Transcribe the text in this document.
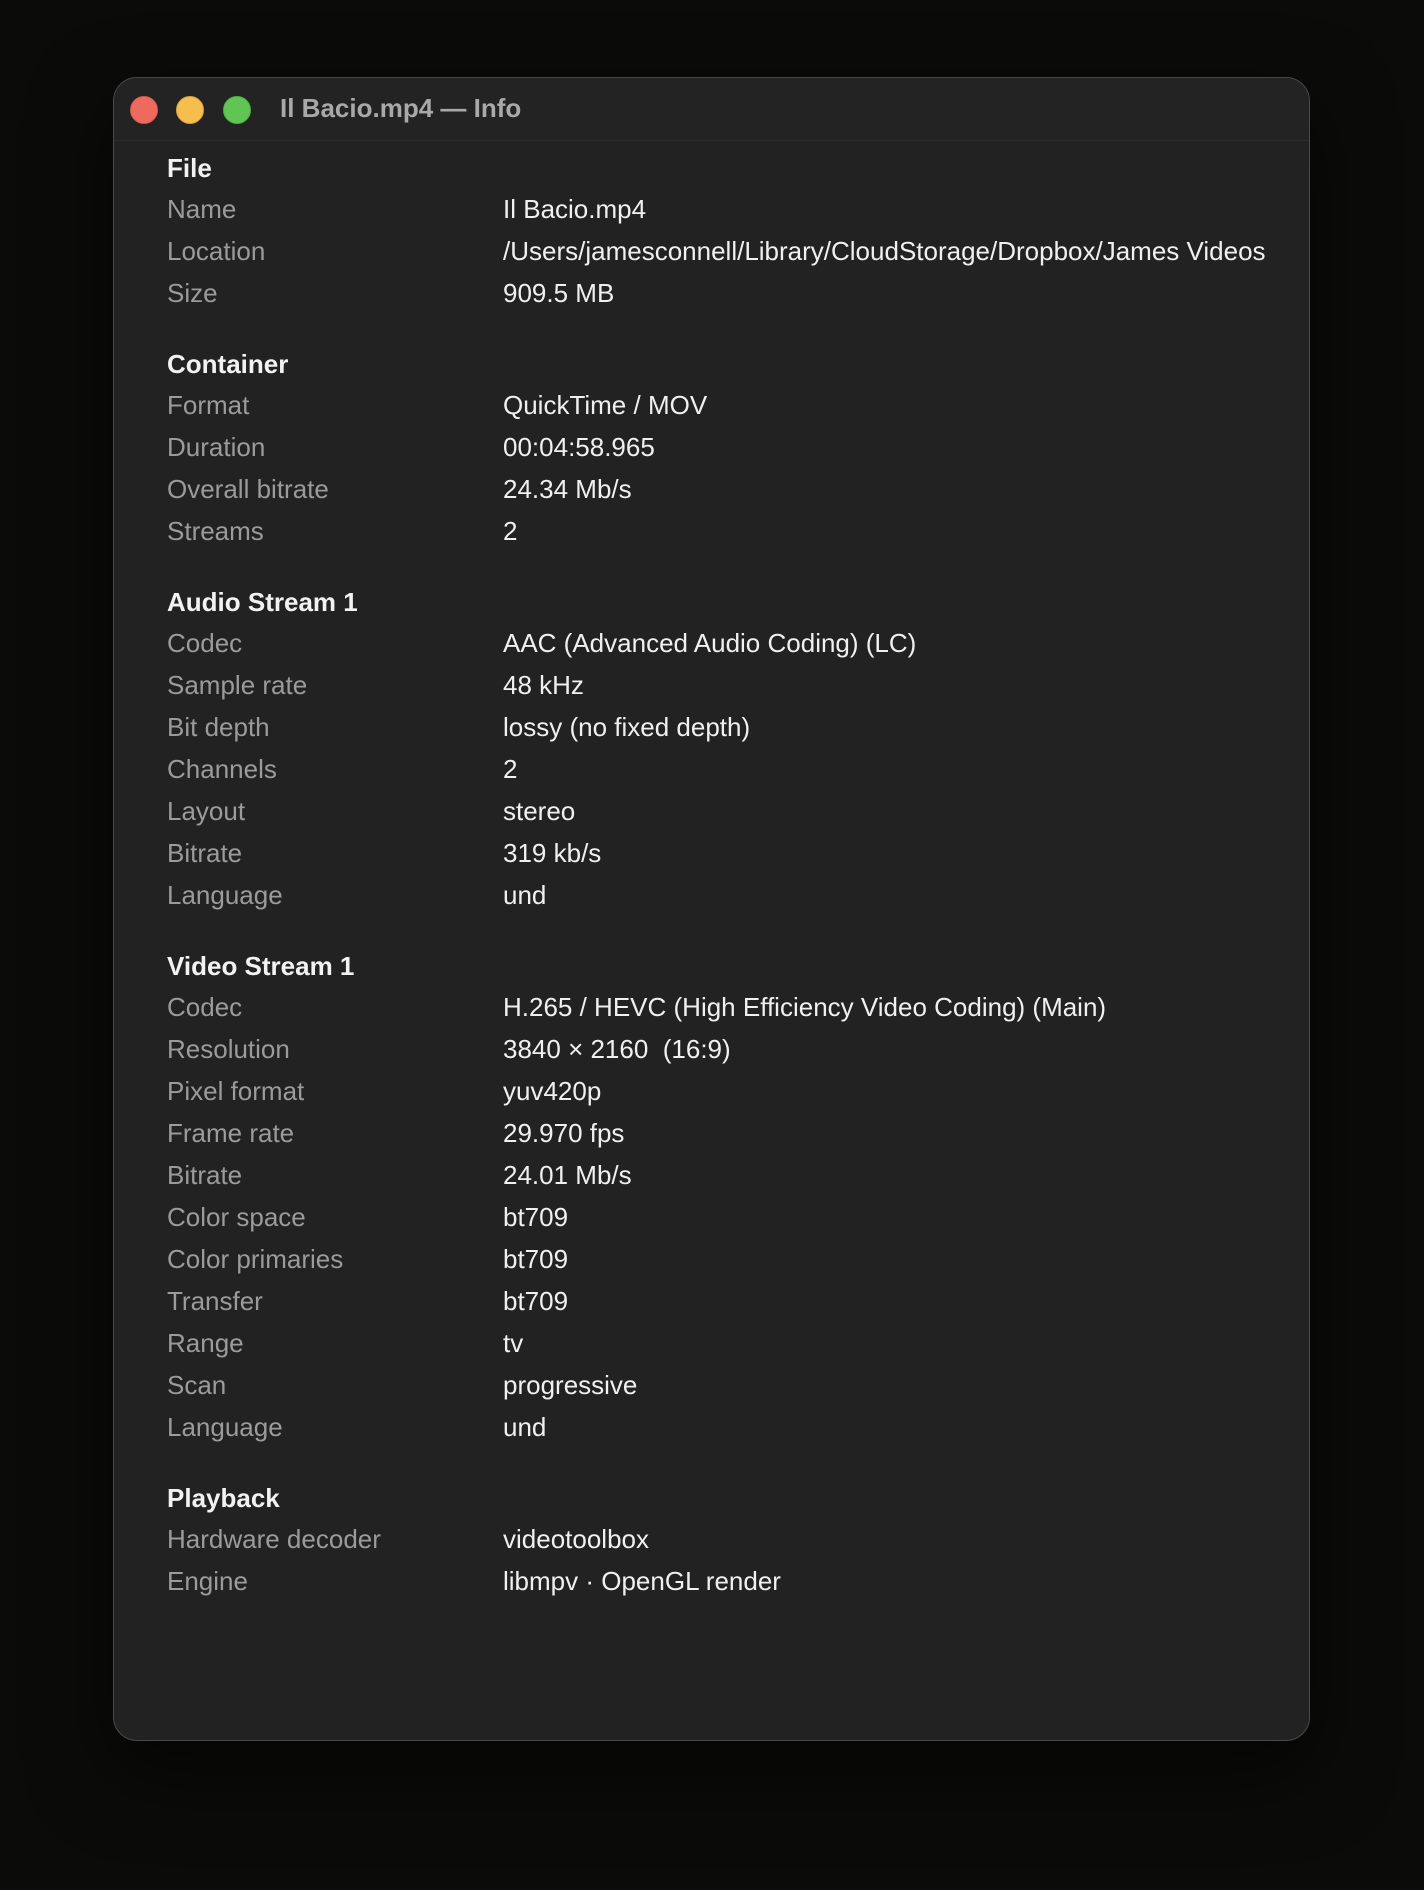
Il Bacio.mp4 — Info
File
Name	Il Bacio.mp4
Location	/Users/jamesconnell/Library/CloudStorage/Dropbox/James Videos
Size	909.5 MB
Container
Format	QuickTime / MOV
Duration	00:04:58.965
Overall bitrate	24.34 Mb/s
Streams	2
Audio Stream 1
Codec	AAC (Advanced Audio Coding) (LC)
Sample rate	48 kHz
Bit depth	lossy (no fixed depth)
Channels	2
Layout	stereo
Bitrate	319 kb/s
Language	und
Video Stream 1
Codec	H.265 / HEVC (High Efficiency Video Coding) (Main)
Resolution	3840 × 2160  (16:9)
Pixel format	yuv420p
Frame rate	29.970 fps
Bitrate	24.01 Mb/s
Color space	bt709
Color primaries	bt709
Transfer	bt709
Range	tv
Scan	progressive
Language	und
Playback
Hardware decoder	videotoolbox
Engine	libmpv · OpenGL render
